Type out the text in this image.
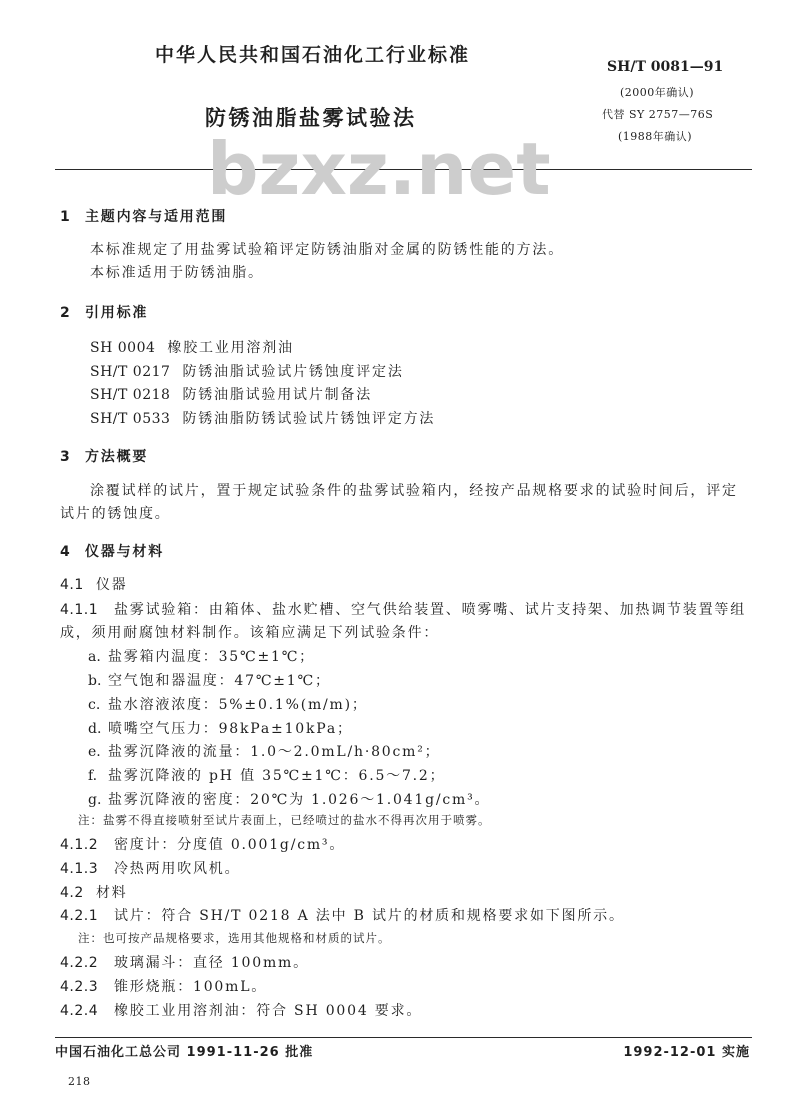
中华人民共和国石油化工行业标准
SH/T 0081—91
(2000年确认)
防锈油脂盐雾试验法	代替 SY 2757—76S
(1988年确认)
bzxz.net
1 主题内容与适用范围
本标准规定了用盐雾试验箱评定防锈油脂对金属的防锈性能的方法。
本标准适用于防锈油脂。
2 引用标准
SH 0004 橡胶工业用溶剂油
SH/T 0217 防锈油脂试验试片锈蚀度评定法
SH/T 0218 防锈油脂试验用试片制备法
SH/T 0533 防锈油脂防锈试验试片锈蚀评定方法
3 方法概要
涂覆试样的试片，置于规定试验条件的盐雾试验箱内，经按产品规格要求的试验时间后，评定
试片的锈蚀度。
4 仪器与材料
4.1 仪器
4.1.1 盐雾试验箱：由箱体、盐水贮槽、空气供给装置、喷雾嘴、试片支持架、加热调节装置等组
成，须用耐腐蚀材料制作。该箱应满足下列试验条件：
a. 盐雾箱内温度：35℃±1℃；
b. 空气饱和器温度：47℃±1℃；
c. 盐水溶液浓度：5%±0.1%(m/m)；
d. 喷嘴空气压力：98kPa±10kPa；
e. 盐雾沉降液的流量：1.0～2.0mL/h·80cm²；
f. 盐雾沉降液的 pH 值 35℃±1℃：6.5～7.2；
g. 盐雾沉降液的密度：20℃为 1.026～1.041g/cm³。
注：盐雾不得直接喷射至试片表面上，已经喷过的盐水不得再次用于喷雾。
4.1.2 密度计：分度值 0.001g/cm³。
4.1.3 冷热两用吹风机。
4.2 材料
4.2.1 试片：符合 SH/T 0218 A 法中 B 试片的材质和规格要求如下图所示。
注：也可按产品规格要求，选用其他规格和材质的试片。
4.2.2 玻璃漏斗：直径 100mm。
4.2.3 锥形烧瓶：100mL。
4.2.4 橡胶工业用溶剂油：符合 SH 0004 要求。
中国石油化工总公司 1991-11-26 批准	1992-12-01 实施
218
